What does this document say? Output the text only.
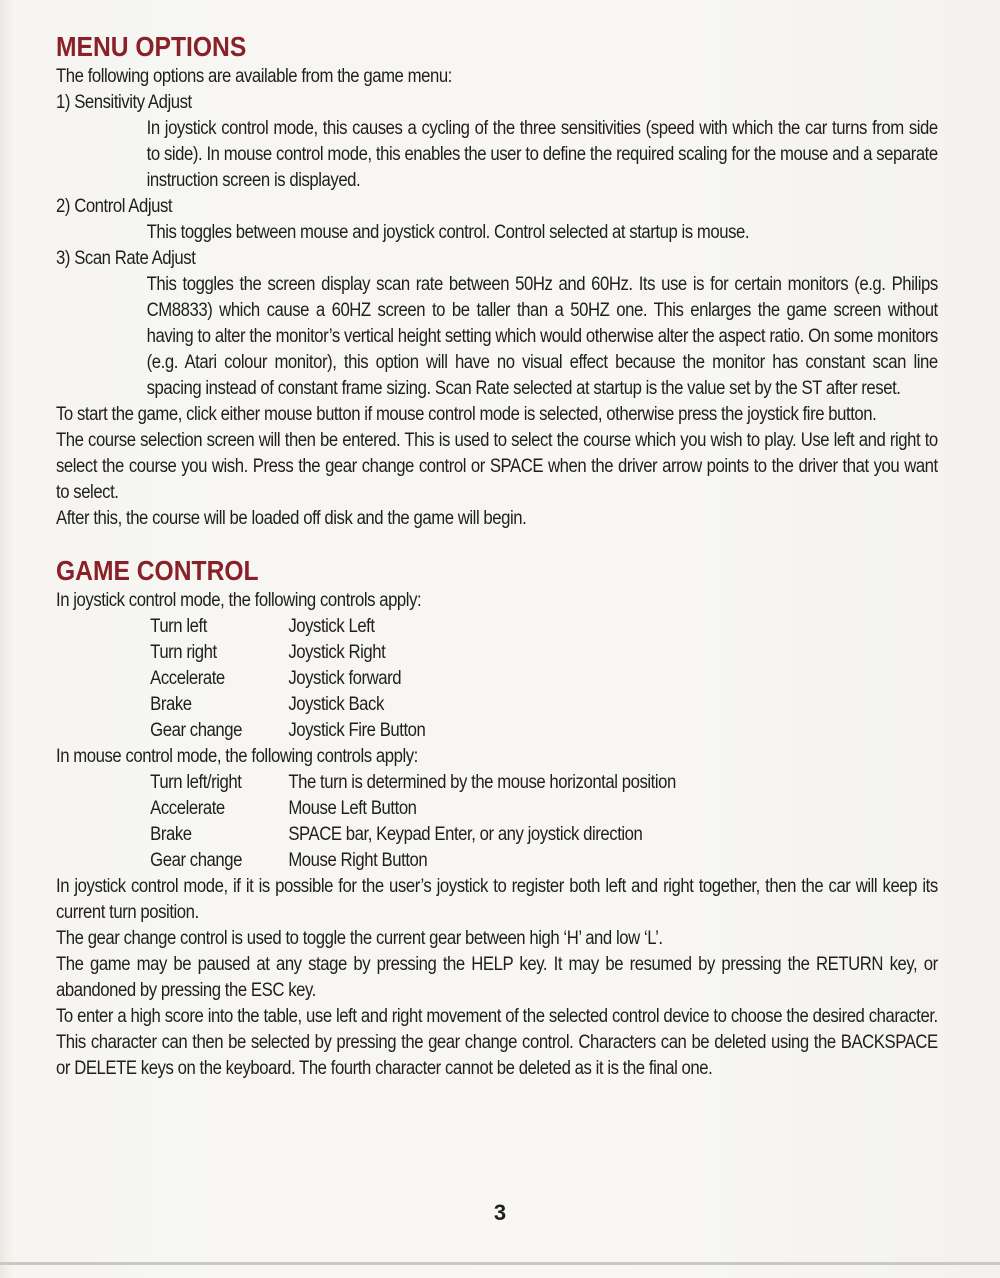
MENU OPTIONS

The following options are available from the game menu:

1) Sensitivity Adjust

In joystick control mode, this causes a cycling of the three sensitivities (speed with which the car turns from side to side). In mouse control mode, this enables the user to define the required scaling for the mouse and a separate instruction screen is displayed.

2) Control Adjust

This toggles between mouse and joystick control. Control selected at startup is mouse.

3) Scan Rate Adjust

This toggles the screen display scan rate between 50Hz and 60Hz. Its use is for certain monitors (e.g. Philips CM8833) which cause a 60HZ screen to be taller than a 50HZ one. This enlarges the game screen without having to alter the monitor’s vertical height setting which would otherwise alter the aspect ratio. On some monitors (e.g. Atari colour monitor), this option will have no visual effect because the monitor has constant scan line spacing instead of constant frame sizing. Scan Rate selected at startup is the value set by the ST after reset.

To start the game, click either mouse button if mouse control mode is selected, otherwise press the joystick fire button.

The course selection screen will then be entered. This is used to select the course which you wish to play. Use left and right to select the course you wish. Press the gear change control or SPACE when the driver arrow points to the driver that you want to select.

After this, the course will be loaded off disk and the game will begin.

GAME CONTROL

In joystick control mode, the following controls apply:

Turn left	Joystick Left
Turn right	Joystick Right
Accelerate	Joystick forward
Brake	Joystick Back
Gear change	Joystick Fire Button

In mouse control mode, the following controls apply:

Turn left/right	The turn is determined by the mouse horizontal position
Accelerate	Mouse Left Button
Brake	SPACE bar, Keypad Enter, or any joystick direction
Gear change	Mouse Right Button

In joystick control mode, if it is possible for the user’s joystick to register both left and right together, then the car will keep its current turn position.

The gear change control is used to toggle the current gear between high ‘H’ and low ‘L’.

The game may be paused at any stage by pressing the HELP key. It may be resumed by pressing the RETURN key, or abandoned by pressing the ESC key.

To enter a high score into the table, use left and right movement of the selected control device to choose the desired character. This character can then be selected by pressing the gear change control. Characters can be deleted using the BACKSPACE or DELETE keys on the keyboard. The fourth character cannot be deleted as it is the final one.

3
